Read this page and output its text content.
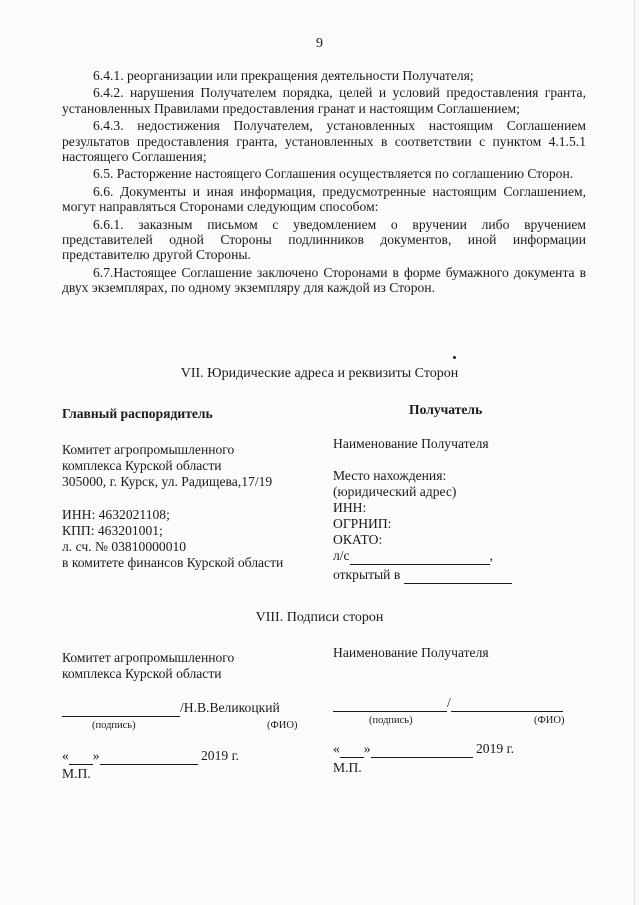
9

6.4.1. реорганизации или прекращения деятельности Получателя;

6.4.2. нарушения Получателем порядка, целей и условий предоставления гранта, установленных Правилами предоставления гранат и настоящим Соглашением;

6.4.3. недостижения Получателем, установленных настоящим Соглашением результатов предоставления гранта, установленных в соответствии с пунктом 4.1.5.1 настоящего Соглашения;

6.5. Расторжение настоящего Соглашения осуществляется по соглашению Сторон.

6.6. Документы и иная информация, предусмотренные настоящим Соглашением, могут направляться Сторонами следующим способом:

6.6.1. заказным письмом с уведомлением о вручении либо вручением представителей одной Стороны подлинников документов, иной информации представителю другой Стороны.

6.7.Настоящее Соглашение заключено Сторонами в форме бумажного документа в двух экземплярах, по одному экземпляру для каждой из Сторон.

VII. Юридические адреса и реквизиты Сторон
Главный распорядитель
Комитет агропромышленного
комплекса Курской области
305000, г. Курск, ул. Радищева,17/19
ИНН: 4632021108;
КПП: 463201001;
л. сч. № 03810000010
в комитете финансов Курской области
Получатель
Наименование Получателя
Место нахождения:
(юридический адрес)
ИНН:
ОГРНИП:
ОКАТО:
л/с	,
открытый в
VIII. Подписи сторон
Комитет агропромышленного
комплекса Курской области
/Н.В.Великоцкий
(подпись)	(ФИО)
« »	2019 г.
М.П.
Наименование Получателя
/
(подпись)	(ФИО)
« »	2019 г.
М.П.
